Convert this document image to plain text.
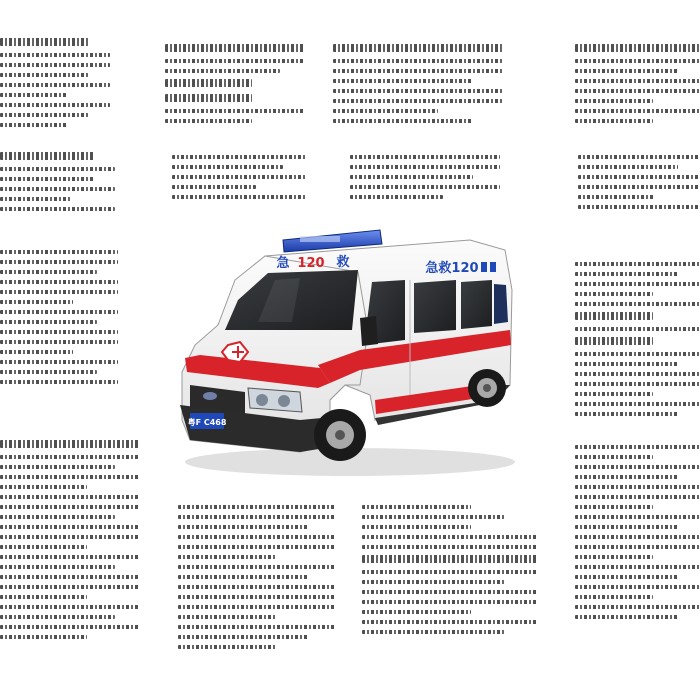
粤F C468
急 120 救	急救120
